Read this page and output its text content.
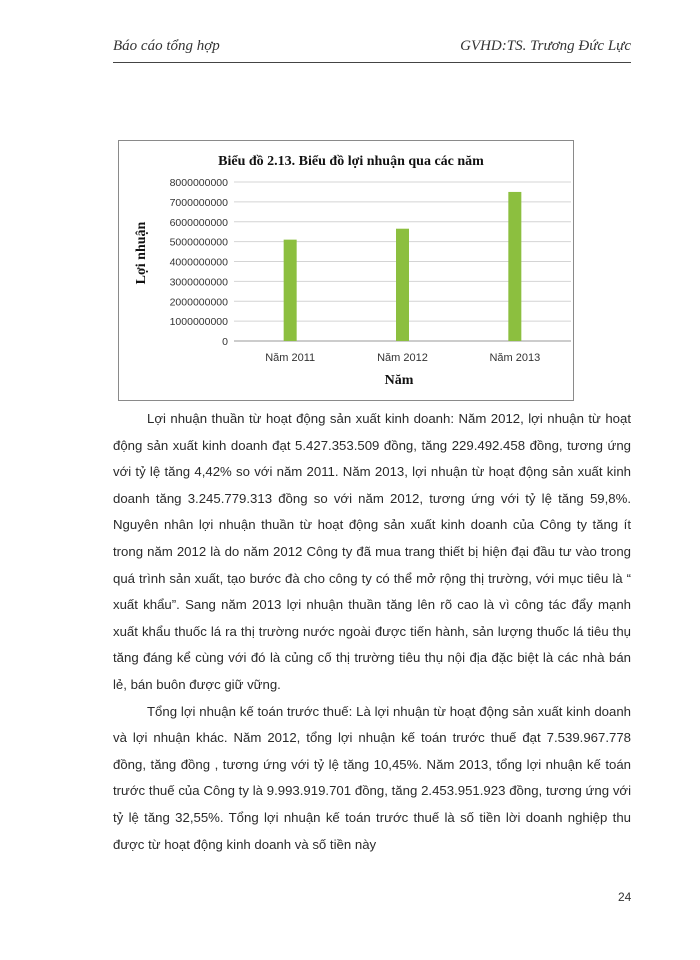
Báo cáo tổng hợp	GVHD:TS. Trương Đức Lực
Biểu đồ 2.13. Biểu đồ lợi nhuận qua các năm
Lợi nhuận
Năm
0
1000000000
2000000000
3000000000
4000000000
5000000000
6000000000
7000000000
8000000000
Năm 2011	Năm 2012	Năm 2013

Lợi nhuận thuần từ hoạt động sản xuất kinh doanh: Năm 2012, lợi nhuận từ hoạt động sản xuất kinh doanh đạt 5.427.353.509 đồng, tăng 229.492.458 đồng, tương ứng với tỷ lệ tăng 4,42% so với năm 2011. Năm 2013, lợi nhuận từ hoạt động sản xuất kinh doanh tăng 3.245.779.313 đồng so với năm 2012, tương ứng với tỷ lệ tăng 59,8%. Nguyên nhân lợi nhuận thuần từ hoạt động sản xuất kinh doanh của Công ty tăng ít trong năm 2012 là do năm 2012 Công ty đã mua trang thiết bị hiện đại đầu tư vào trong quá trình sản xuất, tạo bước đà cho công ty có thể mở rộng thị trường, với mục tiêu là “ xuất khẩu”. Sang năm 2013 lợi nhuận thuần tăng lên rõ cao là vì công tác đẩy mạnh xuất khẩu thuốc lá ra thị trường nước ngoài được tiến hành, sản lượng thuốc lá tiêu thụ tăng đáng kể cùng với đó là củng cố thị trường tiêu thụ nội địa đặc biệt là các nhà bán lẻ, bán buôn được giữ vững.

Tổng lợi nhuận kế toán trước thuế: Là lợi nhuận từ hoạt động sản xuất kinh doanh và lợi nhuận khác. Năm 2012, tổng lợi nhuận kế toán trước thuế đạt 7.539.967.778 đồng, tăng đồng , tương ứng với tỷ lệ tăng 10,45%. Năm 2013, tổng lợi nhuận kế toán trước thuế của Công ty là 9.993.919.701 đồng, tăng 2.453.951.923 đồng, tương ứng với tỷ lệ tăng 32,55%. Tổng lợi nhuận kế toán trước thuế là số tiền lời doanh nghiệp thu được từ hoạt động kinh doanh và số tiền này

24
